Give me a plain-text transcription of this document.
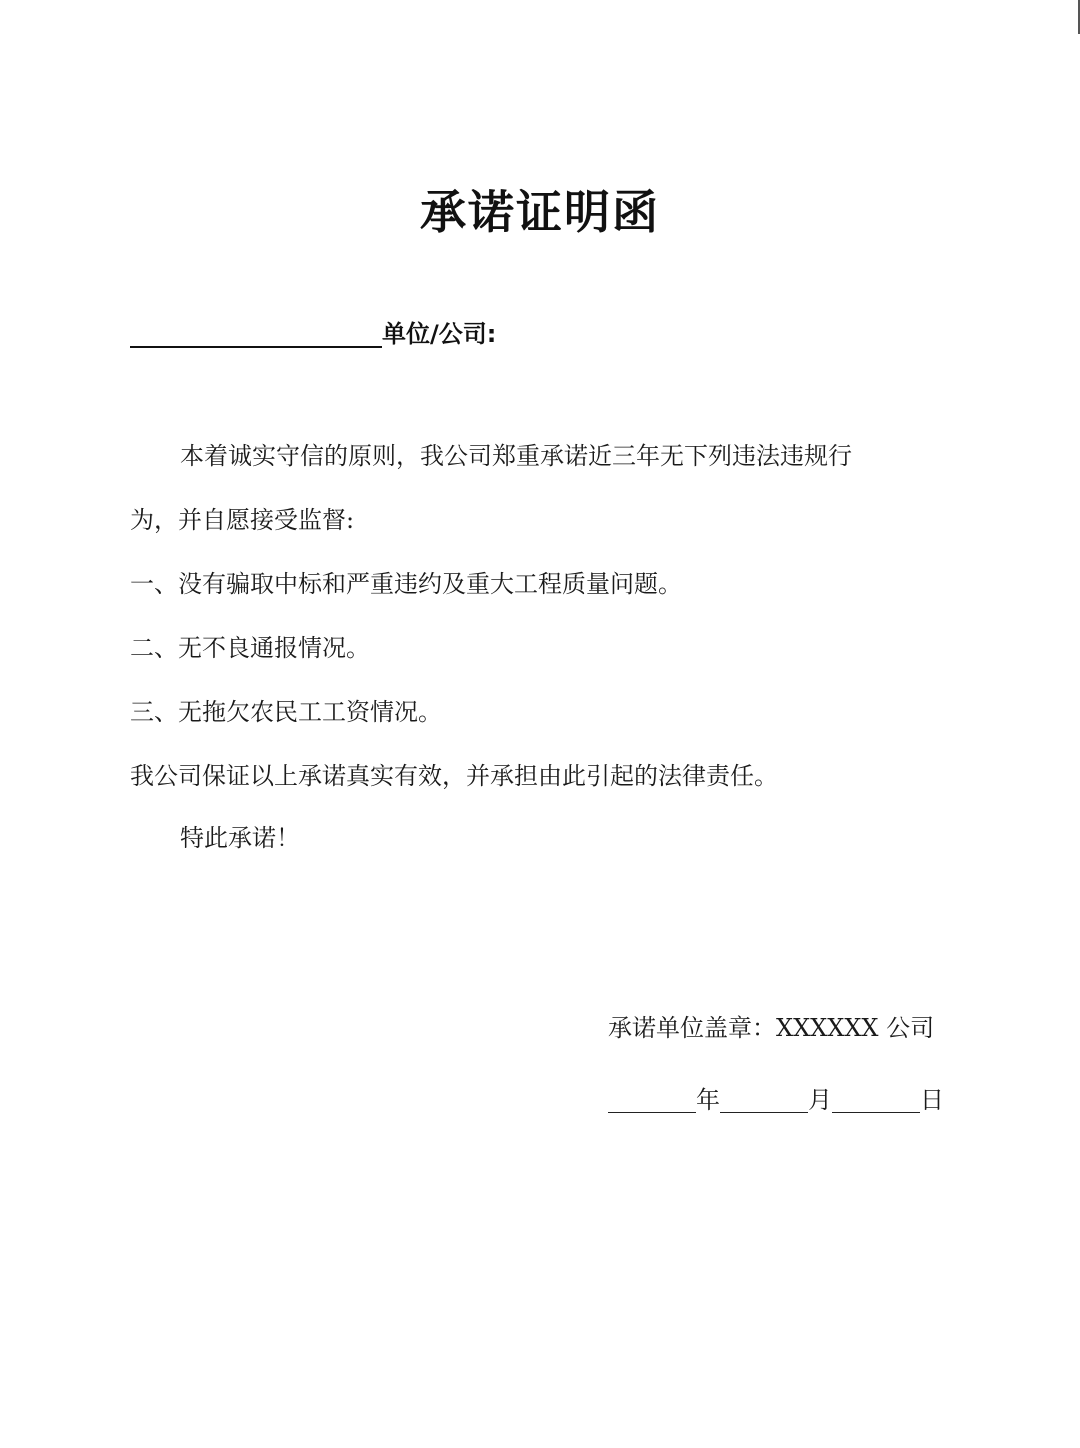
承诺证明函
单位/公司:
本着诚实守信的原则，我公司郑重承诺近三年无下列违法违规行
为，并自愿接受监督:
一、没有骗取中标和严重违约及重大工程质量问题。
二、无不良通报情况。
三、无拖欠农民工工资情况。
我公司保证以上承诺真实有效，并承担由此引起的法律责任。
特此承诺！
承诺单位盖章：XXXXXX 公司
年	月	日
